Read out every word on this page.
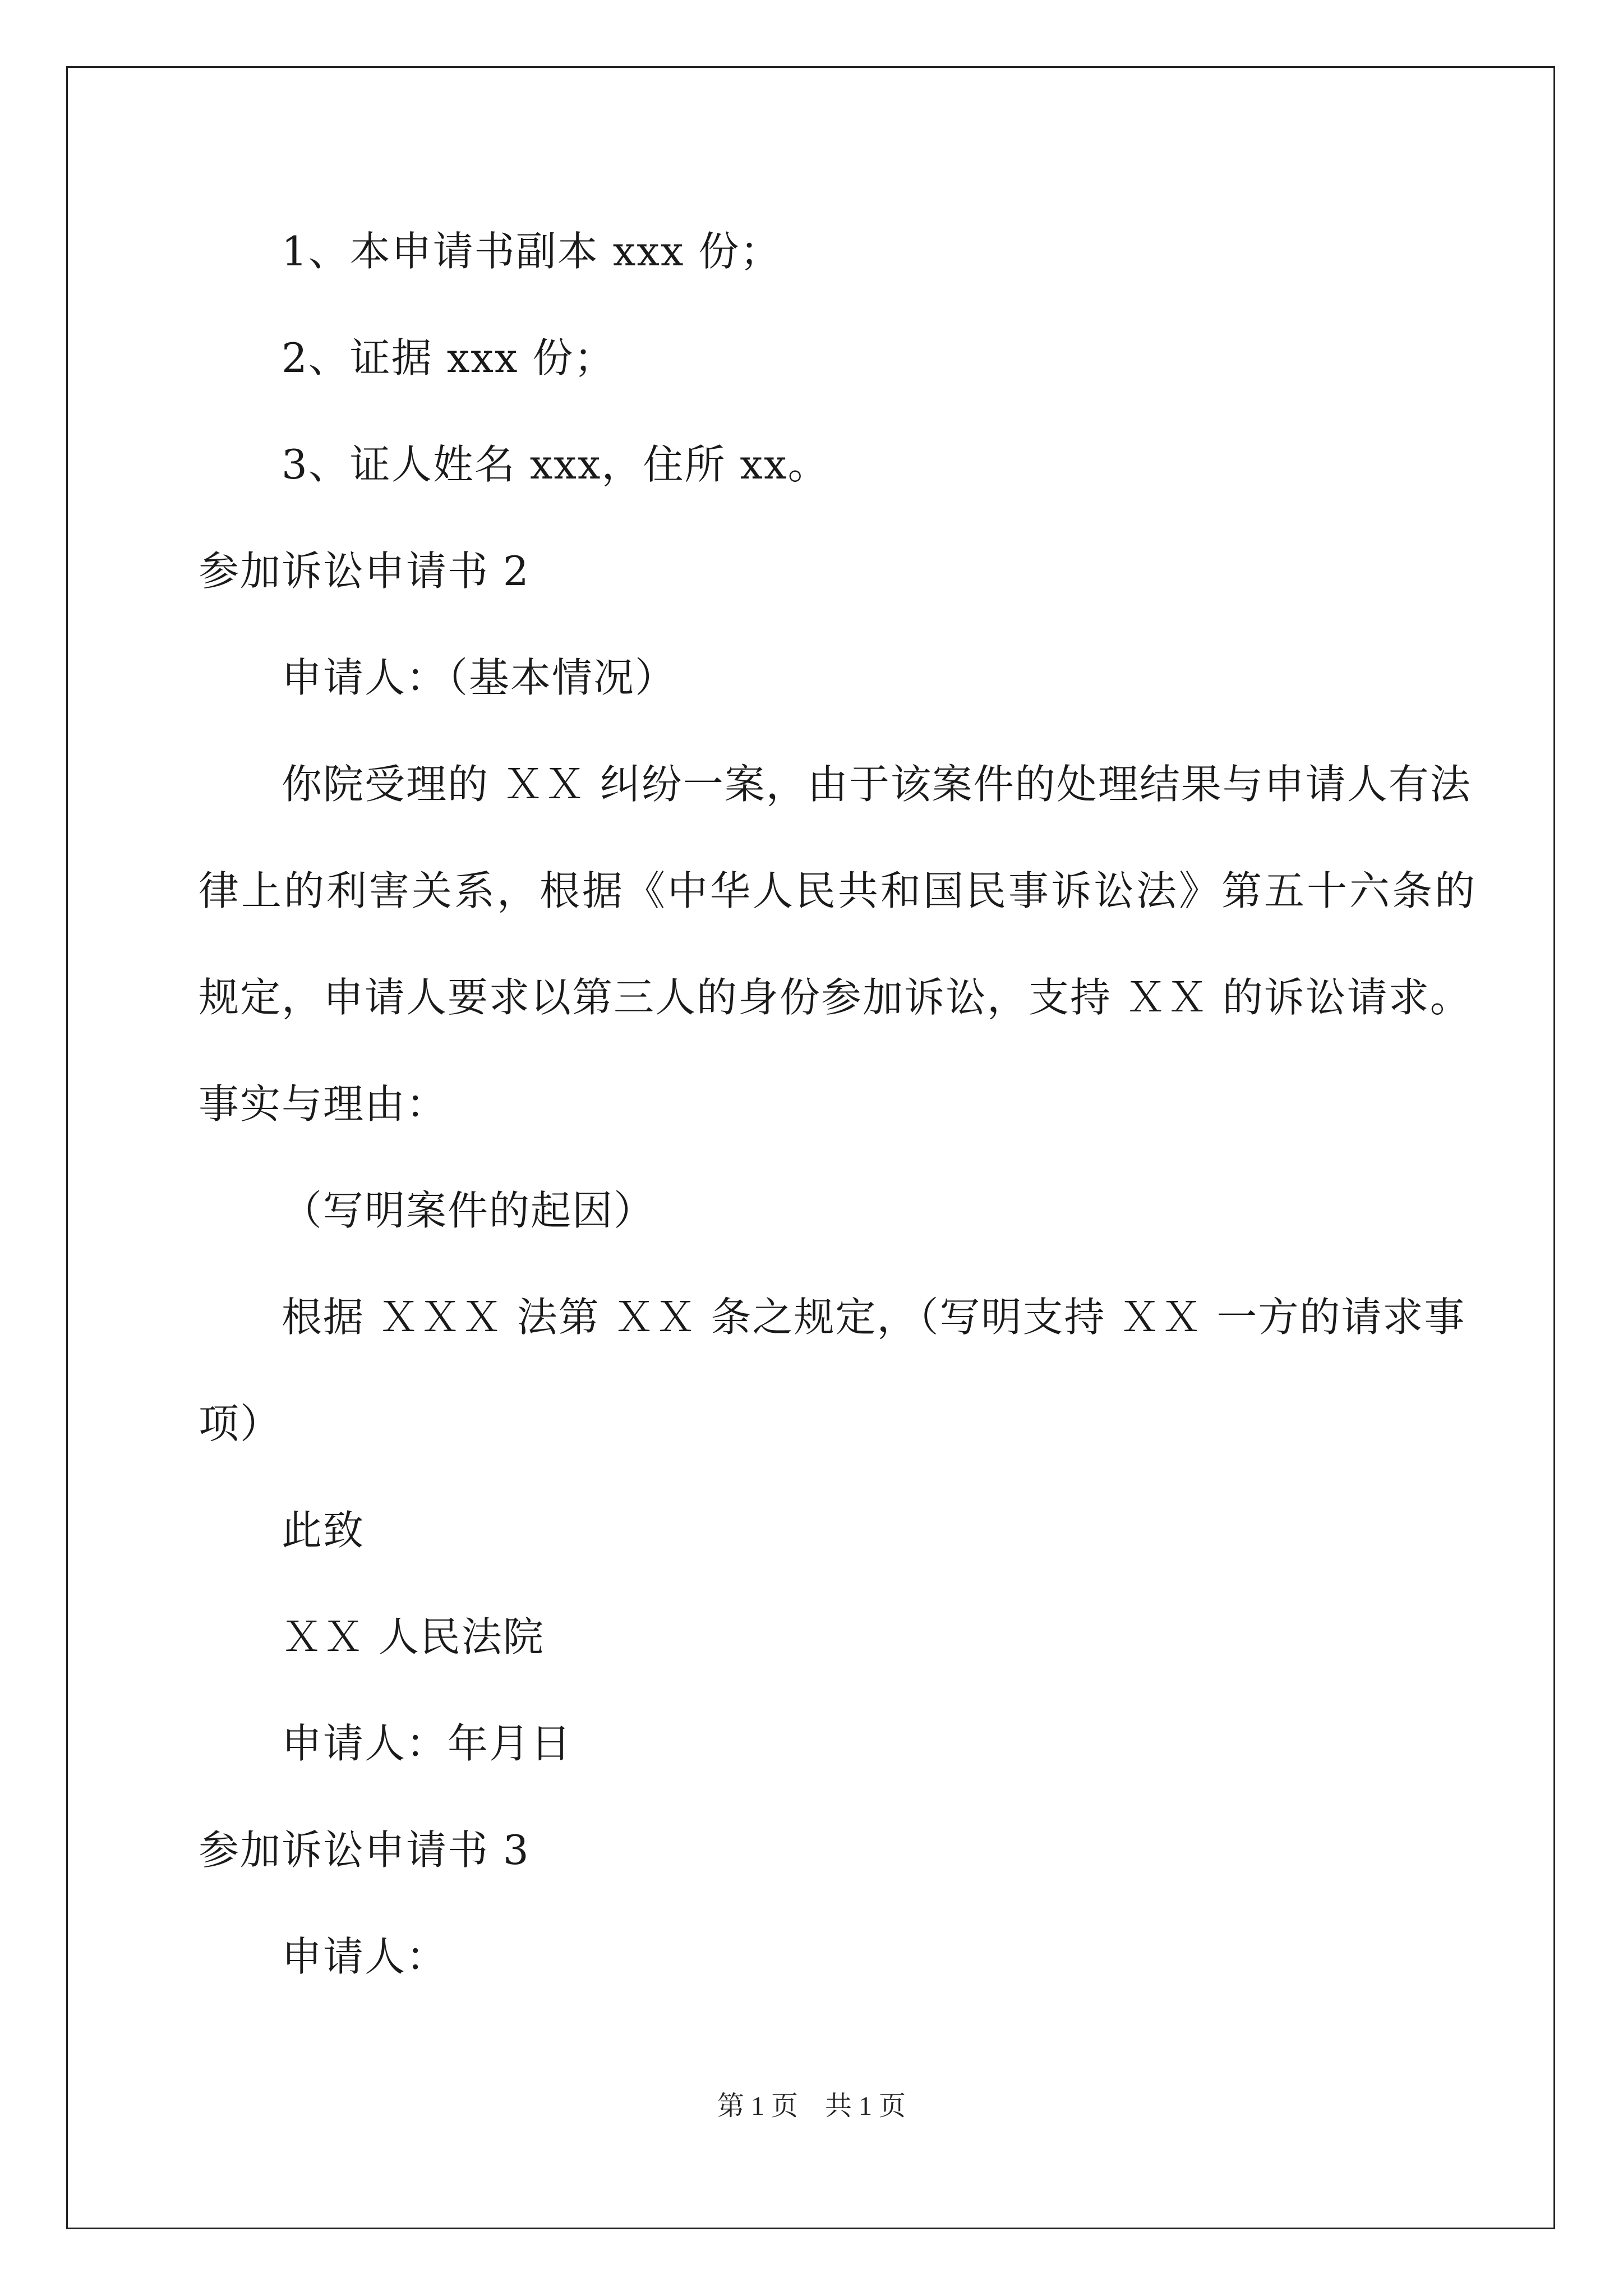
1、本申请书副本 xxx 份；
2、证据 xxx 份；
3、证人姓名 xxx，住所 xx。
参加诉讼申请书 2
申请人：（基本情况）
你院受理的 ＸＸ 纠纷一案，由于该案件的处理结果与申请人有法
律上的利害关系，根据《中华人民共和国民事诉讼法》第五十六条的
规定，申请人要求以第三人的身份参加诉讼，支持 ＸＸ 的诉讼请求。
事实与理由：
（写明案件的起因）
根据 ＸＸＸ 法第 ＸＸ 条之规定，（写明支持 ＸＸ 一方的请求事
项）
此致
ＸＸ 人民法院
申请人：年月日
参加诉讼申请书 3
申请人：
第 1 页　共 1 页
